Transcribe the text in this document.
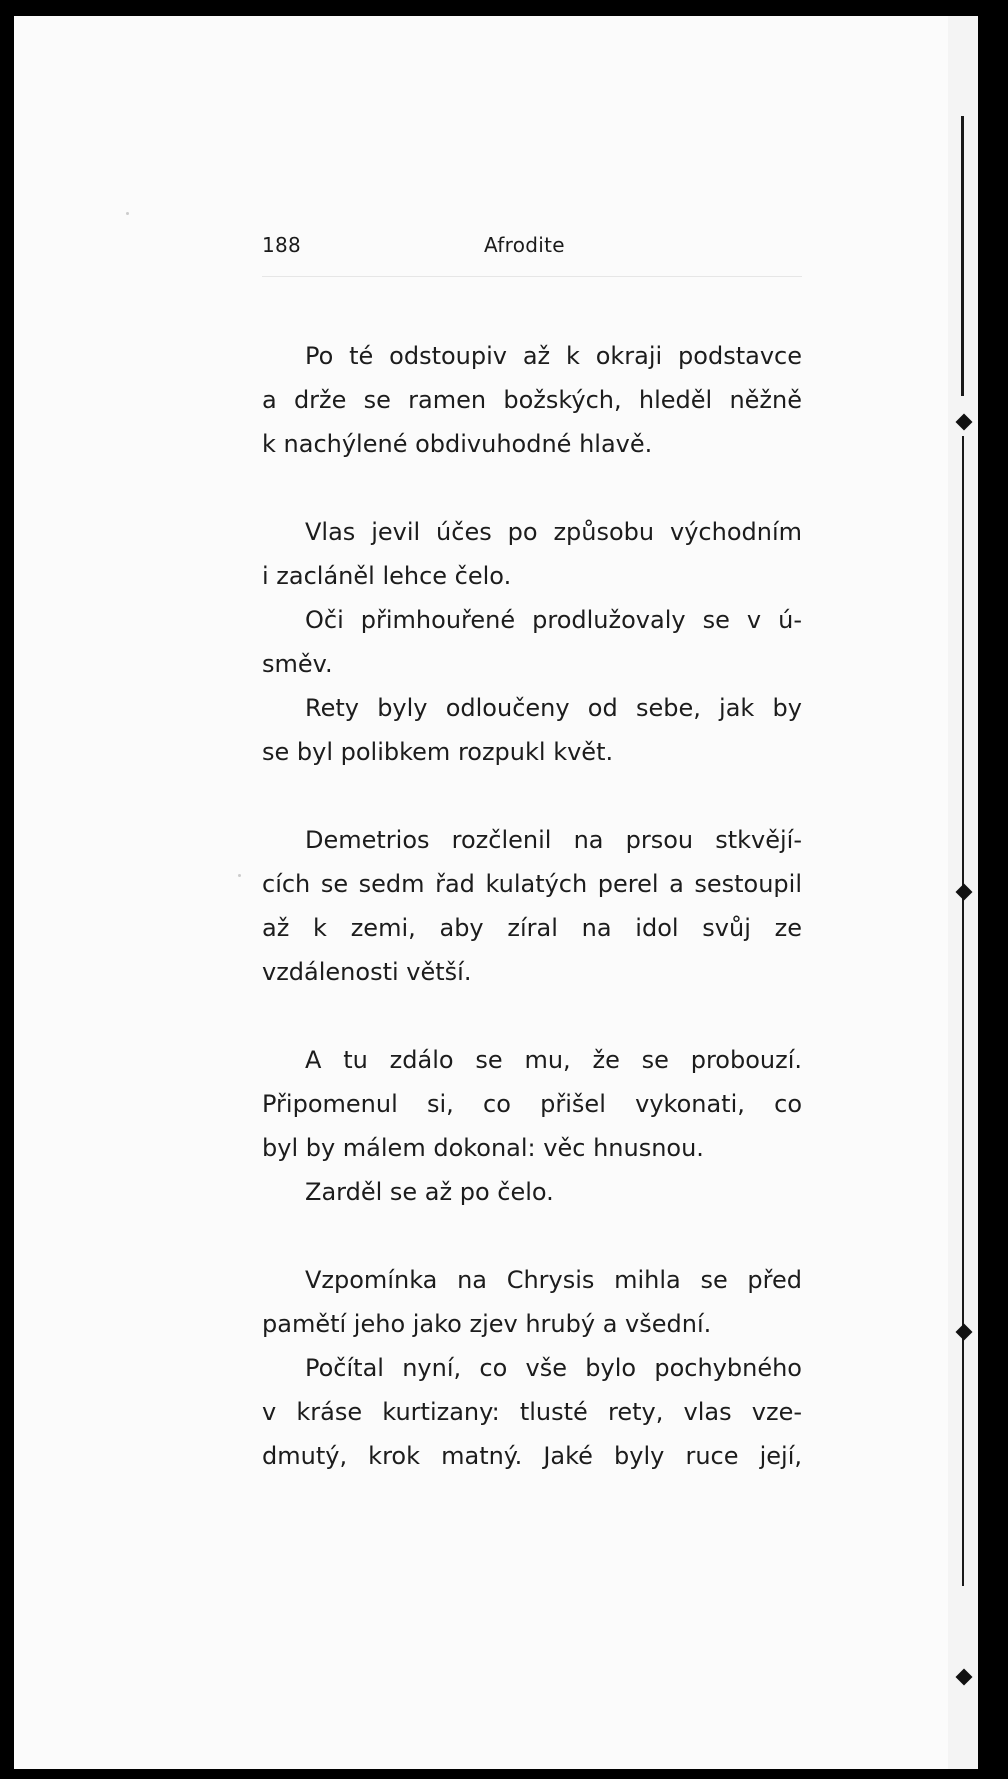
188	Afrodite
Po té odstoupiv až k okraji podstavce
a drže se ramen božských, hleděl něžně
k nachýlené obdivuhodné hlavě.
Vlas jevil účes po způsobu východním
i zacláněl lehce čelo.
Oči přimhouřené prodlužovaly se v ú-
směv.
Rety byly odloučeny od sebe, jak by
se byl polibkem rozpukl květ.
Demetrios rozčlenil na prsou stkvějí-
cích se sedm řad kulatých perel a sestoupil
až k zemi, aby zíral na idol svůj ze
vzdálenosti větší.
A tu zdálo se mu, že se probouzí.
Připomenul si, co přišel vykonati, co
byl by málem dokonal: věc hnusnou.
Zarděl se až po čelo.
Vzpomínka na Chrysis mihla se před
pamětí jeho jako zjev hrubý a všední.
Počítal nyní, co vše bylo pochybného
v kráse kurtizany: tlusté rety, vlas vze-
dmutý, krok matný. Jaké byly ruce její,
